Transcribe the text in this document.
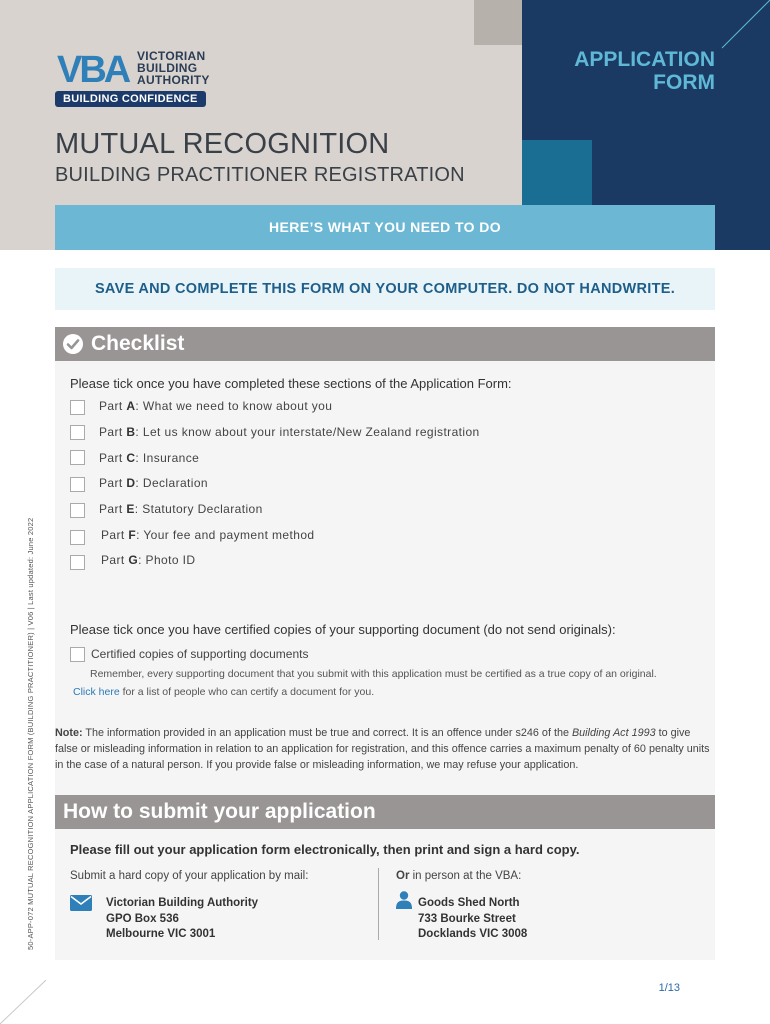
APPLICATION
FORM
VBA VICTORIAN
BUILDING
AUTHORITY
BUILDING CONFIDENCE
MUTUAL RECOGNITION
BUILDING PRACTITIONER REGISTRATION
HERE’S WHAT YOU NEED TO DO
SAVE AND COMPLETE THIS FORM ON YOUR COMPUTER. DO NOT HANDWRITE.
Checklist
Please tick once you have completed these sections of the Application Form:
Part A: What we need to know about you
Part B: Let us know about your interstate/New Zealand registration
Part C: Insurance
Part D: Declaration
Part E: Statutory Declaration
Part F: Your fee and payment method
Part G: Photo ID
Please tick once you have certified copies of your supporting document (do not send originals):
Certified copies of supporting documents
Remember, every supporting document that you submit with this application must be certified as a true copy of an original.
Click here for a list of people who can certify a document for you.
Note: The information provided in an application must be true and correct. It is an offence under s246 of the Building Act 1993 to give false or misleading information in relation to an application for registration, and this offence carries a maximum penalty of 60 penalty units in the case of a natural person. If you provide false or misleading information, we may refuse your application.
How to submit your application
Please fill out your application form electronically, then print and sign a hard copy.
Submit a hard copy of your application by mail:
Victorian Building Authority
GPO Box 536
Melbourne VIC 3001
Or in person at the VBA:
Goods Shed North
733 Bourke Street
Docklands VIC 3008
50-APP-072 MUTUAL RECOGNITION APPLICATION FORM (BUILDING PRACTITIONER) | V06 | Last updated: June 2022
1/13
